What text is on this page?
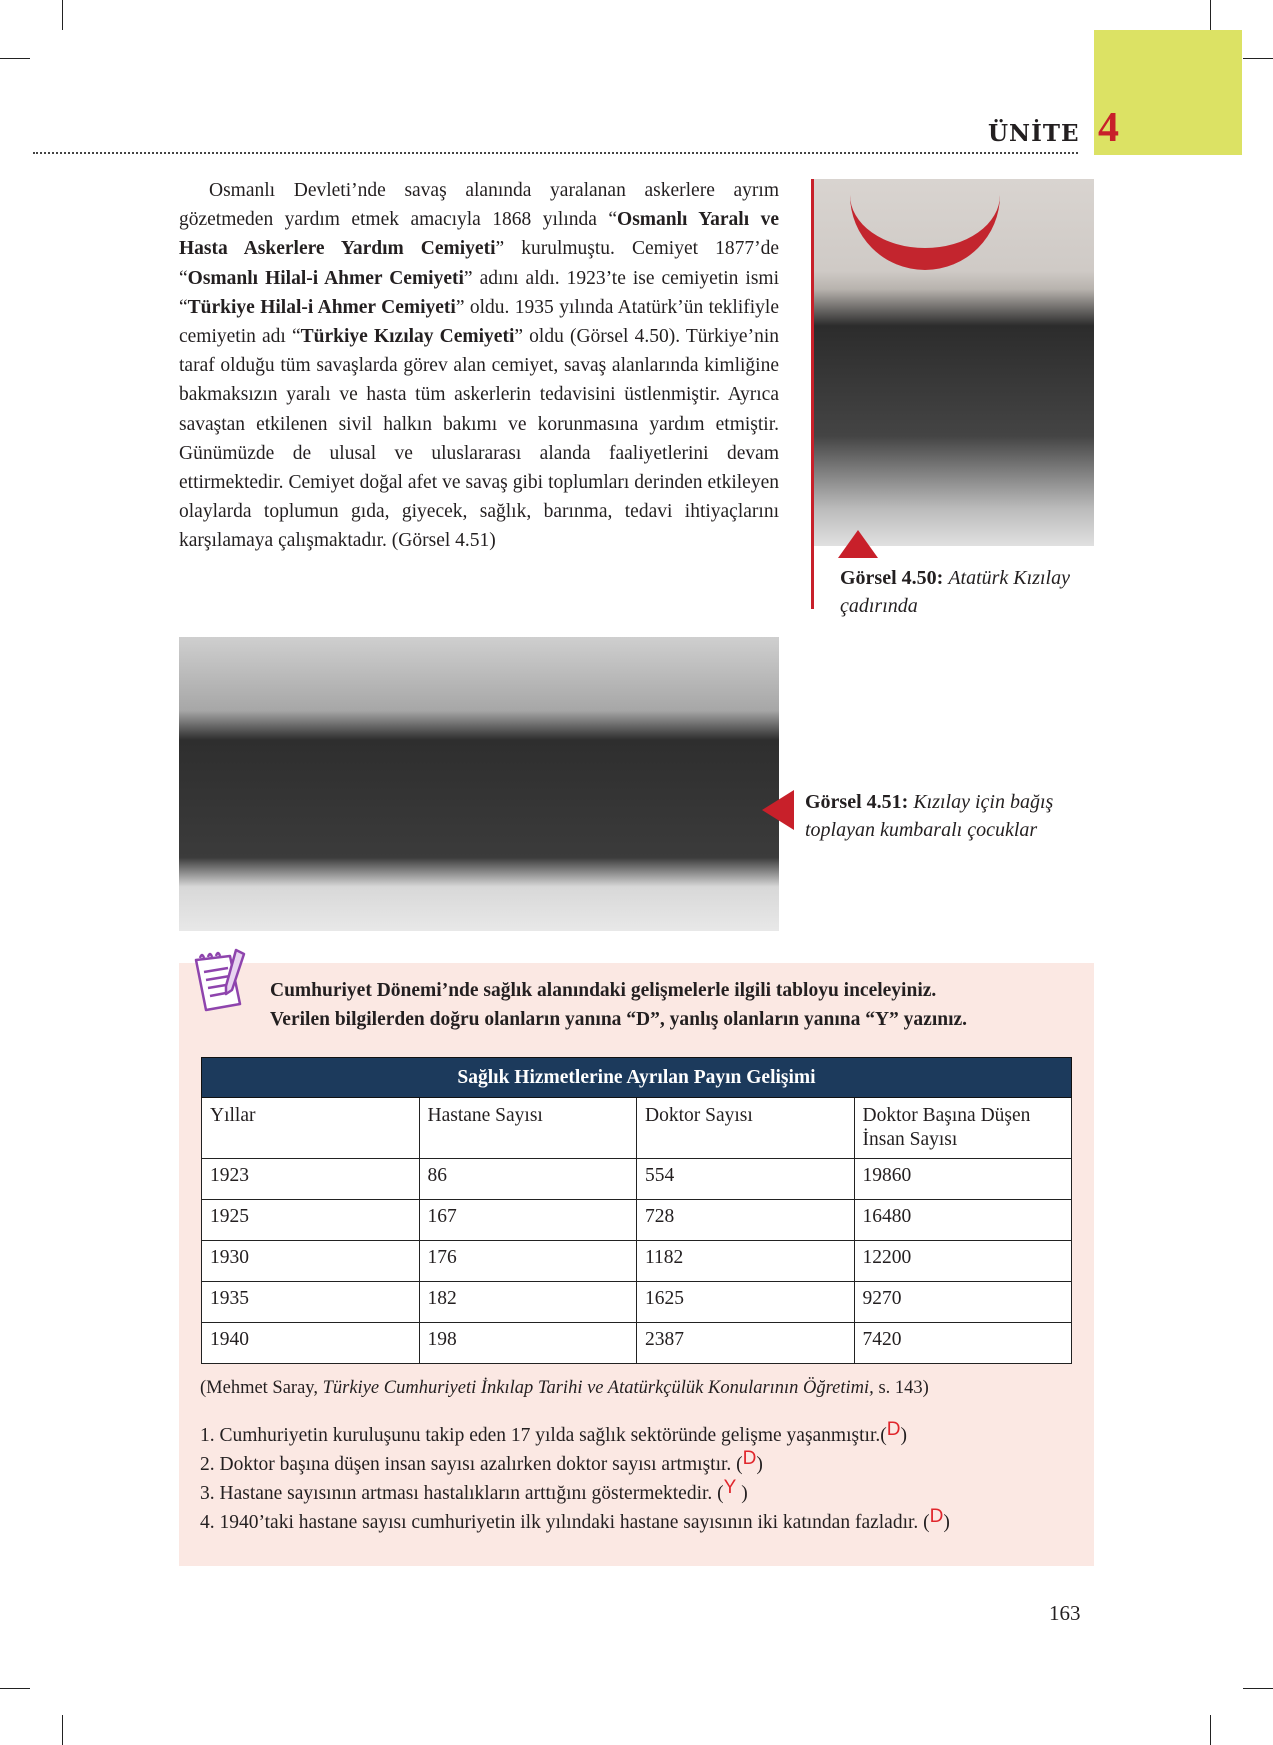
4
ÜNİTE

Osmanlı Devleti’nde savaş alanında yaralanan askerlere ayrım gözetmeden yardım etmek amacıyla 1868 yılında “Osmanlı Yaralı ve Hasta Askerlere Yardım Cemiyeti” kurulmuştu. Cemiyet 1877’de “Osmanlı Hilal-i Ahmer Cemiyeti” adını aldı. 1923’te ise cemiyetin ismi “Türkiye Hilal-i Ahmer Cemiyeti” oldu. 1935 yılında Atatürk’ün teklifiyle cemiyetin adı “Türkiye Kızılay Cemiyeti” oldu (Görsel 4.50). Türkiye’nin taraf olduğu tüm savaşlarda görev alan cemiyet, savaş alanlarında kimliğine bakmaksızın yaralı ve hasta tüm askerlerin tedavisini üstlenmiştir. Ayrıca savaştan etkilenen sivil halkın bakımı ve korunmasına yardım etmiştir. Günümüzde de ulusal ve uluslararası alanda faaliyetlerini devam ettirmektedir. Cemiyet doğal afet ve savaş gibi toplumları derinden etkileyen olaylarda toplumun gıda, giyecek, sağlık, barınma, tedavi ihtiyaçlarını karşılamaya çalışmaktadır. (Görsel 4.51)

Görsel 4.50: Atatürk Kızılay çadırında
Görsel 4.51: Kızılay için bağış toplayan kumbaralı çocuklar
Cumhuriyet Dönemi’nde sağlık alanındaki gelişmelerle ilgili tabloyu inceleyiniz.
Verilen bilgilerden doğru olanların yanına “D”, yanlış olanların yanına “Y” yazınız.
Sağlık Hizmetlerine Ayrılan Payın Gelişimi			
Yıllar	Hastane Sayısı	Doktor Sayısı	Doktor Başına Düşen İnsan Sayısı
1923	86	554	19860
1925	167	728	16480
1930	176	1182	12200
1935	182	1625	9270
1940	198	2387	7420
(Mehmet Saray, Türkiye Cumhuriyeti İnkılap Tarihi ve Atatürkçülük Konularının Öğretimi, s. 143)
1. Cumhuriyetin kuruluşunu takip eden 17 yılda sağlık sektöründe gelişme yaşanmıştır.(D)
2. Doktor başına düşen insan sayısı azalırken doktor sayısı artmıştır. (D)
3. Hastane sayısının artması hastalıkların arttığını göstermektedir. (Y )
4. 1940’taki hastane sayısı cumhuriyetin ilk yılındaki hastane sayısının iki katından fazladır. (D)
163
